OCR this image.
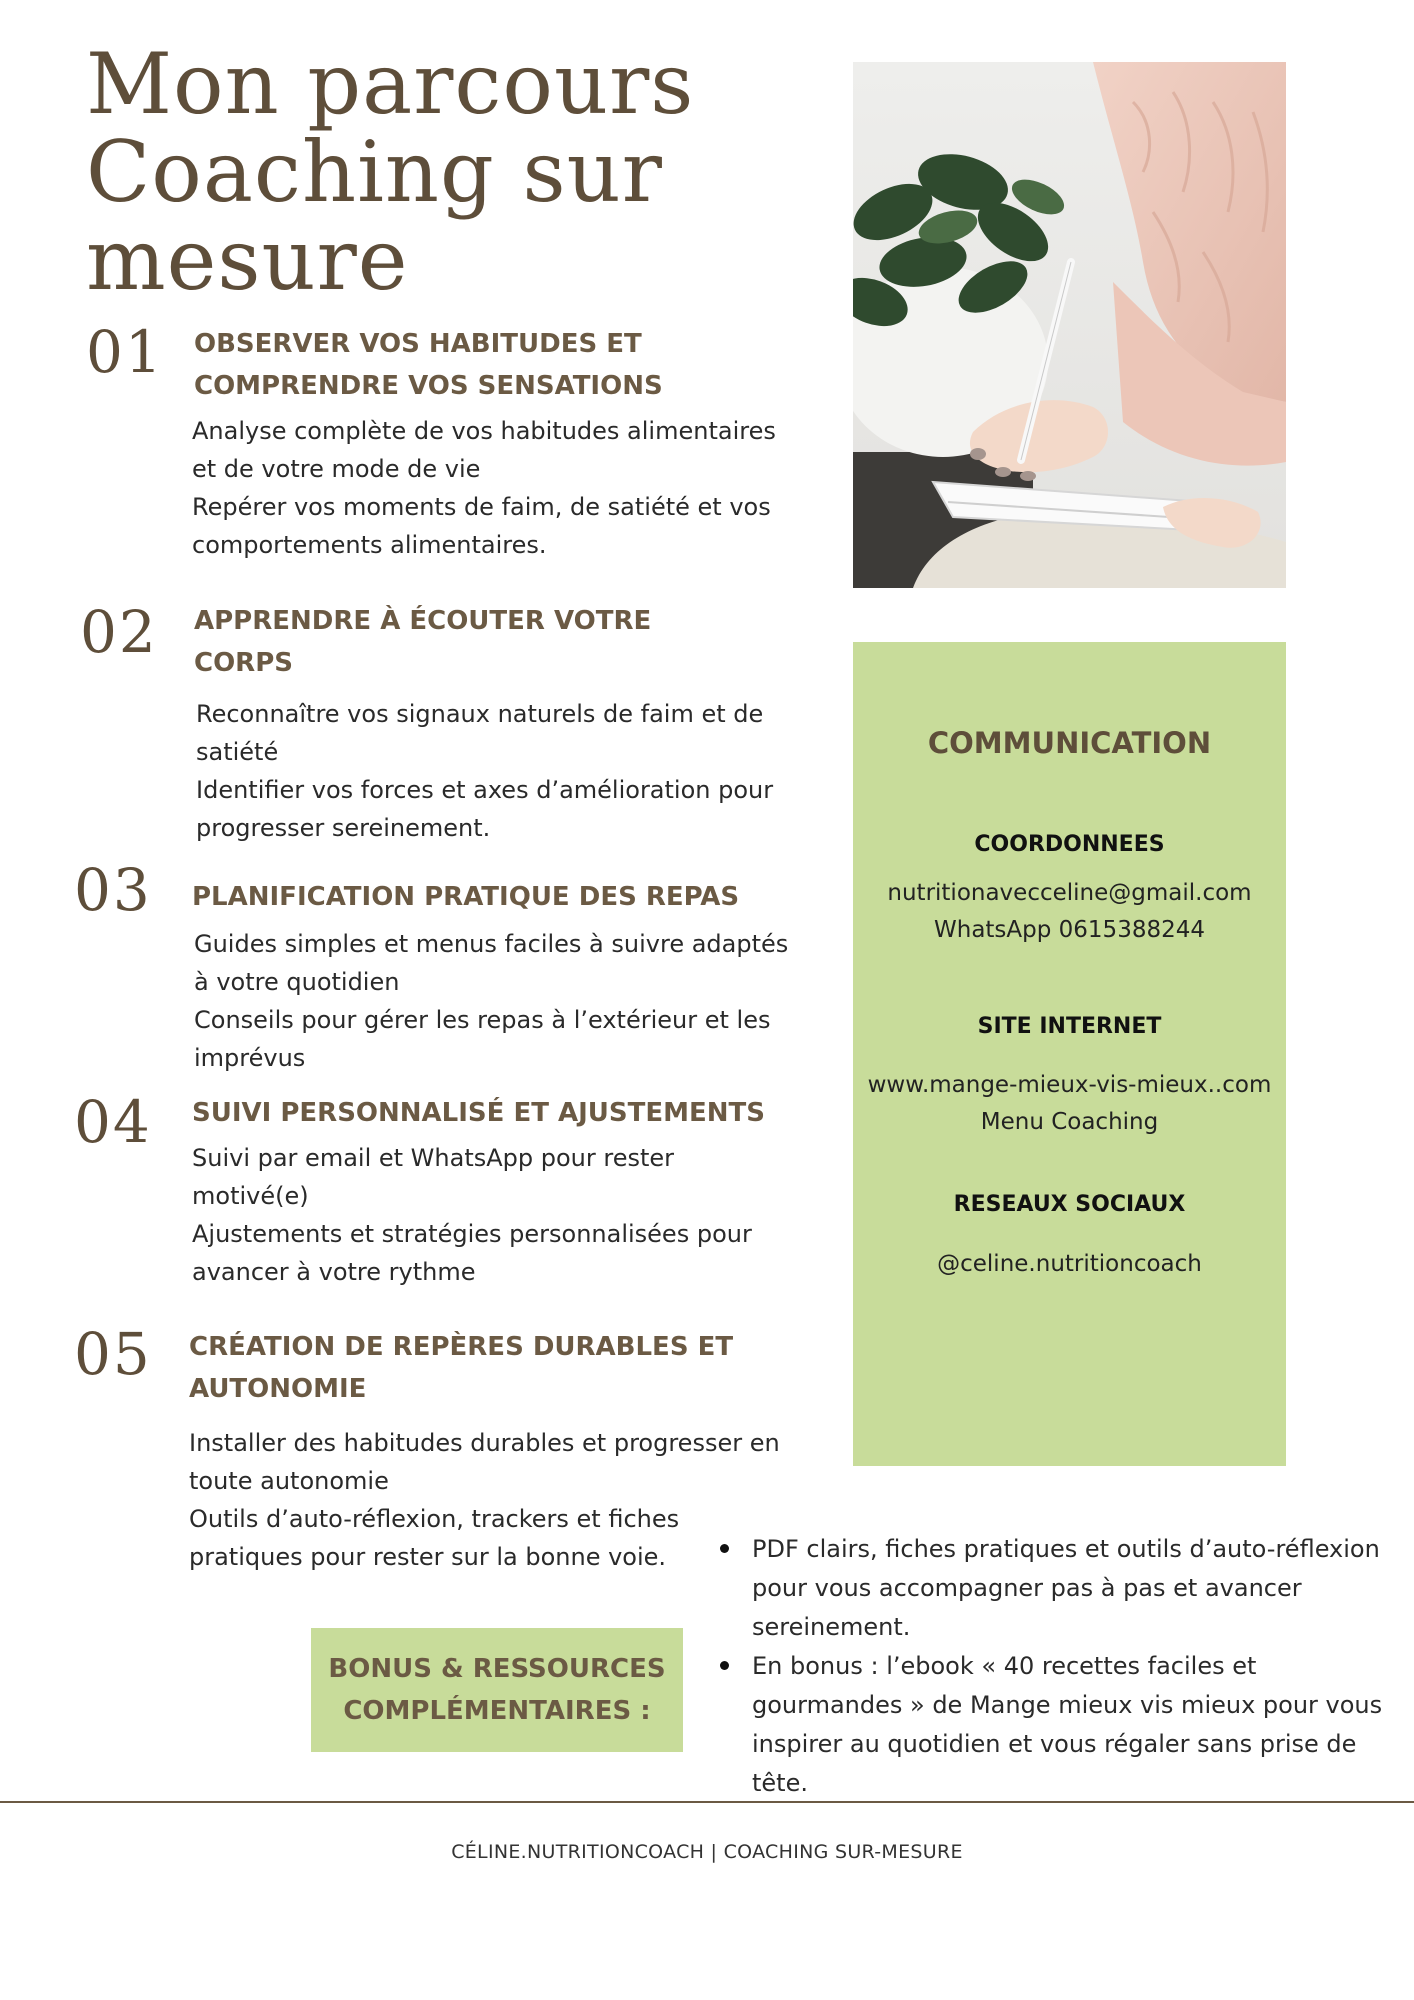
Mon parcours
Coaching sur
mesure
01 OBSERVER VOS HABITUDES ET
COMPRENDRE VOS SENSATIONS

Analyse complète de vos habitudes alimentaires
et de votre mode de vie
Repérer vos moments de faim, de satiété et vos
comportements alimentaires.

02 APPRENDRE À ÉCOUTER VOTRE
CORPS

Reconnaître vos signaux naturels de faim et de
satiété
Identifier vos forces et axes d’amélioration pour
progresser sereinement.

03 PLANIFICATION PRATIQUE DES REPAS

Guides simples et menus faciles à suivre adaptés
à votre quotidien
Conseils pour gérer les repas à l’extérieur et les
imprévus

04 SUIVI PERSONNALISÉ ET AJUSTEMENTS

Suivi par email et WhatsApp pour rester
motivé(e)
Ajustements et stratégies personnalisées pour
avancer à votre rythme

05 CRÉATION DE REPÈRES DURABLES ET
AUTONOMIE

Installer des habitudes durables et progresser en
toute autonomie
Outils d’auto-réflexion, trackers et fiches
pratiques pour rester sur la bonne voie.

COMMUNICATION
COORDONNEES

nutritionavecceline@gmail.com

WhatsApp 0615388244

SITE INTERNET

www.mange-mieux-vis-mieux..com

Menu Coaching

RESEAUX SOCIAUX

@celine.nutritioncoach

BONUS & RESSOURCES
COMPLÉMENTAIRES :

PDF clairs, fiches pratiques et outils d’auto-réflexion
pour vous accompagner pas à pas et avancer
sereinement.
En bonus : l’ebook « 40 recettes faciles et
gourmandes » de Mange mieux vis mieux pour vous
inspirer au quotidien et vous régaler sans prise de
tête.

CÉLINE.NUTRITIONCOACH | COACHING SUR-MESURE
